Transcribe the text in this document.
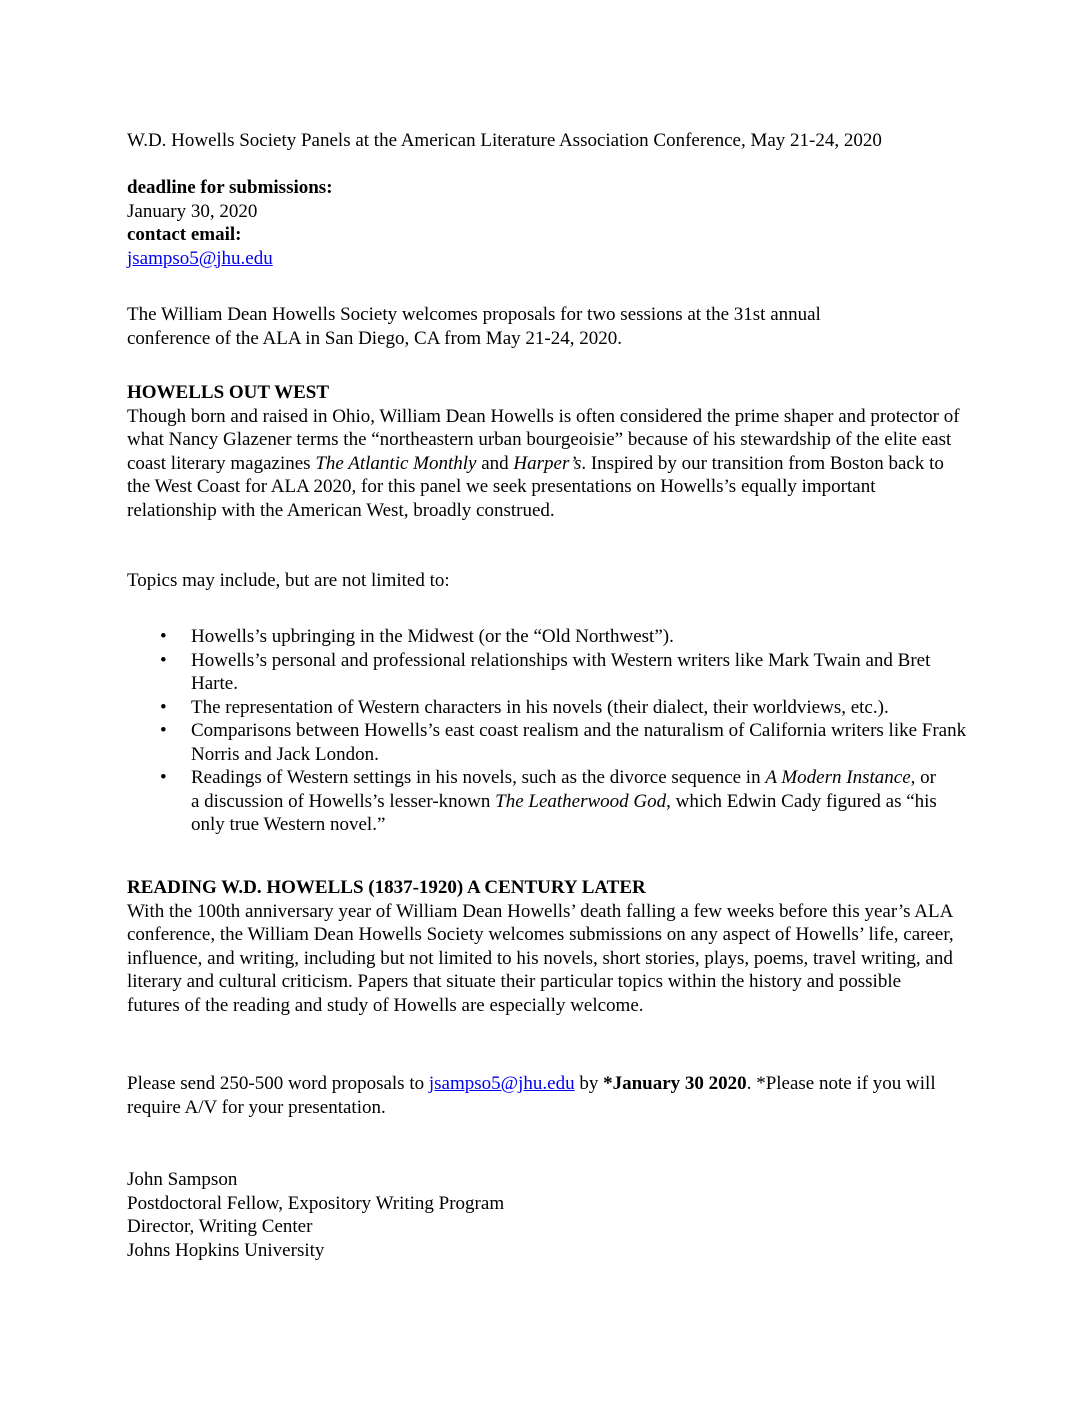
W.D. Howells Society Panels at the American Literature Association Conference, May 21-24, 2020

deadline for submissions:

January 30, 2020

contact email:

jsampso5@jhu.edu

The William Dean Howells Society welcomes proposals for two sessions at the 31st annual conference of the ALA in San Diego, CA from May 21-24, 2020.

HOWELLS OUT WEST

Though born and raised in Ohio, William Dean Howells is often considered the prime shaper and protector of what Nancy Glazener terms the “northeastern urban bourgeoisie” because of his stewardship of the elite east coast literary magazines The Atlantic Monthly and Harper’s. Inspired by our transition from Boston back to the West Coast for ALA 2020, for this panel we seek presentations on Howells’s equally important relationship with the American West, broadly construed.

Topics may include, but are not limited to:

• Howells’s upbringing in the Midwest (or the “Old Northwest”).
• Howells’s personal and professional relationships with Western writers like Mark Twain and Bret Harte.
• The representation of Western characters in his novels (their dialect, their worldviews, etc.).
• Comparisons between Howells’s east coast realism and the naturalism of California writers like Frank Norris and Jack London.
• Readings of Western settings in his novels, such as the divorce sequence in A Modern Instance, or a discussion of Howells’s lesser-known The Leatherwood God, which Edwin Cady figured as “his only true Western novel.”

READING W.D. HOWELLS (1837-1920) A CENTURY LATER

With the 100th anniversary year of William Dean Howells’ death falling a few weeks before this year’s ALA conference, the William Dean Howells Society welcomes submissions on any aspect of Howells’ life, career, influence, and writing, including but not limited to his novels, short stories, plays, poems, travel writing, and literary and cultural criticism. Papers that situate their particular topics within the history and possible futures of the reading and study of Howells are especially welcome.

Please send 250-500 word proposals to jsampso5@jhu.edu by *January 30 2020. *Please note if you will require A/V for your presentation.

John Sampson

Postdoctoral Fellow, Expository Writing Program

Director, Writing Center

Johns Hopkins University
